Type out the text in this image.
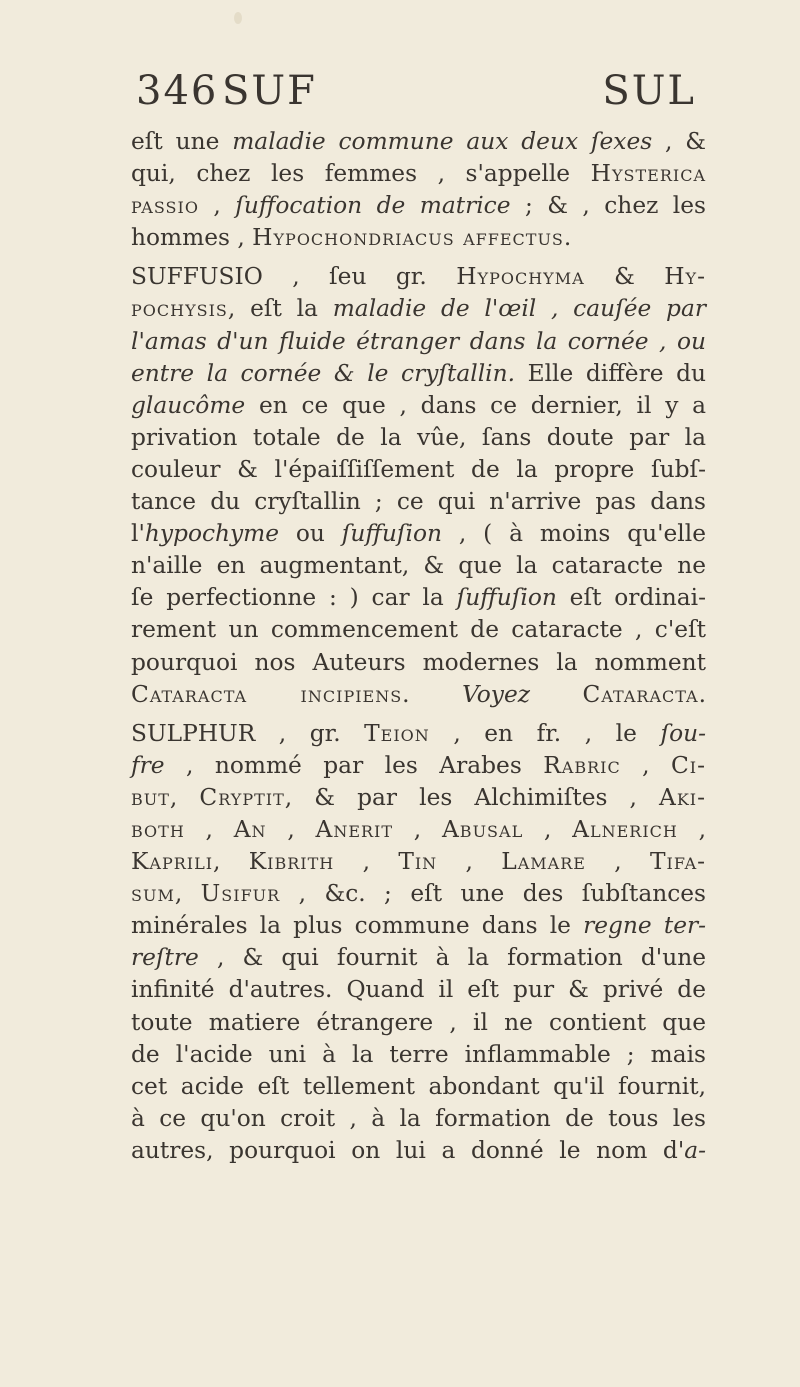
346 SUF	SUL
eſt une maladie commune aux deux ſexes , &
qui, chez les femmes , s'appelle Hysterica
passio , ſuffocation de matrice ; & , chez les
hommes , Hypochondriacus affectus.
SUFFUSIO , ſeu gr. Hypochyma & Hy-
pochysis, eſt la maladie de l'œil , cauſée par
l'amas d'un fluide étranger dans la cornée , ou
entre la cornée & le cryſtallin. Elle diffère du
glaucôme en ce que , dans ce dernier, il y a
privation totale de la vûe, ſans doute par la
couleur & l'épaiſſiſſement de la propre ſubſ-
tance du cryſtallin ; ce qui n'arrive pas dans
l'hypochyme ou ſuffuſion , ( à moins qu'elle
n'aille en augmentant, & que la cataracte ne
ſe perfectionne : ) car la ſuffuſion eſt ordinai-
rement un commencement de cataracte , c'eſt
pourquoi nos Auteurs modernes la nomment
Cataracta incipiens. Voyez Cataracta.
SULPHUR , gr. Teion , en fr. , le ſou-
fre , nommé par les Arabes Rabric , Ci-
but, Cryptit, & par les Alchimiſtes , Aki-
both , An , Anerit , Abusal , Alnerich ,
Kaprili, Kibrith , Tin , Lamare , Tifa-
sum, Usifur , &c. ; eſt une des ſubſtances
minérales la plus commune dans le regne ter-
reſtre , & qui fournit à la formation d'une
infinité d'autres. Quand il eſt pur & privé de
toute matiere étrangere , il ne contient que
de l'acide uni à la terre inflammable ; mais
cet acide eſt tellement abondant qu'il fournit,
à ce qu'on croit , à la formation de tous les
autres, pourquoi on lui a donné le nom d'a-
